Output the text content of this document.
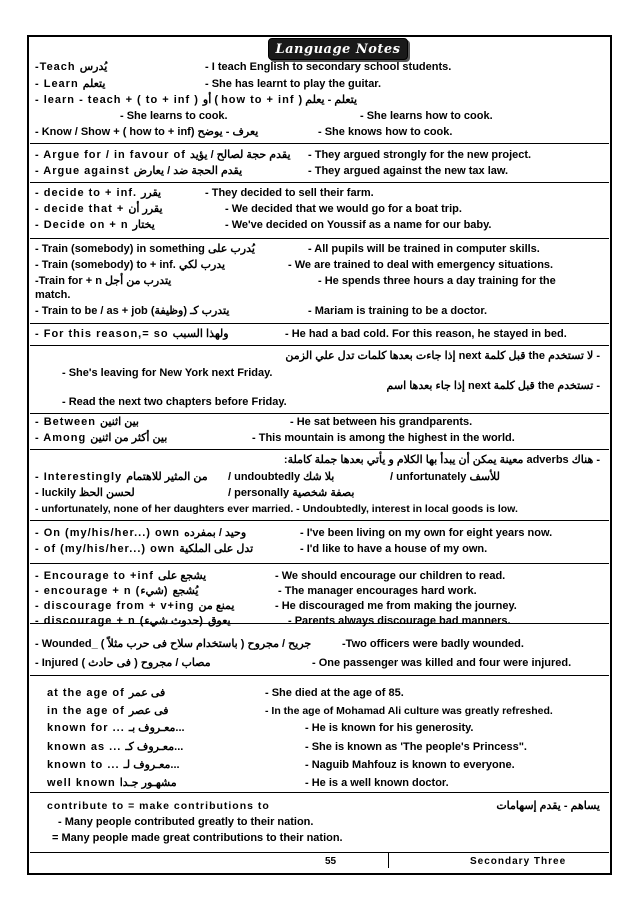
Language Notes
-Teach يُدرس	- I teach English to secondary school students.
- Learn يتعلم	- She has learnt to play the guitar.
- learn - teach + ( to + inf ) أو ( how to + inf ) يتعلم - يعلم
- She learns to cook.	- She learns how to cook.
- Know / Show + ( how to + inf) يعرف - يوضح	- She knows how to cook.
- Argue for / in favour of يقدم حجة لصالح / يؤيد - They argued strongly for the new project.
- Argue against يقدم الحجة ضد / يعارض	- They argued against the new tax law.
- decide to + inf. يقرر	- They decided to sell their farm.
- decide that + يقرر أن	- We decided that we would go for a boat trip.
- Decide on + n يختار	- We've decided on Youssif as a name for our baby.
- Train (somebody) in something يُدرب على	- All pupils will be trained in computer skills.
- Train (somebody) to + inf. يدرب لكي	- We are trained to deal with emergency situations.
-Train for + n يتدرب من أجل	- He spends three hours a day training for the
match.
- Train to be / as + job (وظيفة) يتدرب كـ	- Mariam is training to be a doctor.
- For this reason,= so ولهذا السبب	- He had a bad cold. For this reason, he stayed in bed.
- لا تستخدم the قبل كلمة next إذا جاءت بعدها كلمات تدل علي الزمن
- She's leaving for New York next Friday.
- تستخدم the قبل كلمة next إذا جاء بعدها اسم
- Read the next two chapters before Friday.
- Between بين اثنين	- He sat between his grandparents.
- Among بين أكثر من اثنين	- This mountain is among the highest in the world.
- هناك adverbs معينة يمكن أن يبدأ بها الكلام و يأتي بعدها جملة كاملة:
- Interestingly من المثير للاهتمام / undoubtedly بلا شك	/ unfortunately للأسف
- luckily لحسن الحظ	/ personally بصفة شخصية
- unfortunately, none of her daughters ever married. - Undoubtedly, interest in local goods is low.
- On (my/his/her...) own وحيد / بمفرده	- I've been living on my own for eight years now.
- of (my/his/her...) own تدل على الملكية	- I'd like to have a house of my own.
- Encourage to +inf يشجع على	- We should encourage our children to read.
- encourage + n (شيء) يُشجع	- The manager encourages hard work.
- discourage from + v+ing يمنع من	- He discouraged me from making the journey.
- discourage + n (حدوث شيء) يعوق	- Parents always discourage bad manners.
- Wounded_ ( جريح / مجروح ( باستخدام سلاح فى حرب مثلاً	-Two officers were badly wounded.
- Injured ( مصاب / مجروح ( فى حادث	- One passenger was killed and four were injured.
at the age of فى عمر	- She died at the age of 85.
in the age of فى عصر	- In the age of Mohamad Ali culture was greatly refreshed.
known for ... معـروف بـ...	- He is known for his generosity.
known as ... معـروف كـ...	- She is known as 'The people's Princess".
known to ... معـروف لـ...	- Naguib Mahfouz is known to everyone.
well known مشهـور جـدا	- He is a well known doctor.
contribute to = make contributions to	يساهم - يقدم إسهامات
- Many people contributed greatly to their nation.
= Many people made great contributions to their nation.
55	Secondary Three
